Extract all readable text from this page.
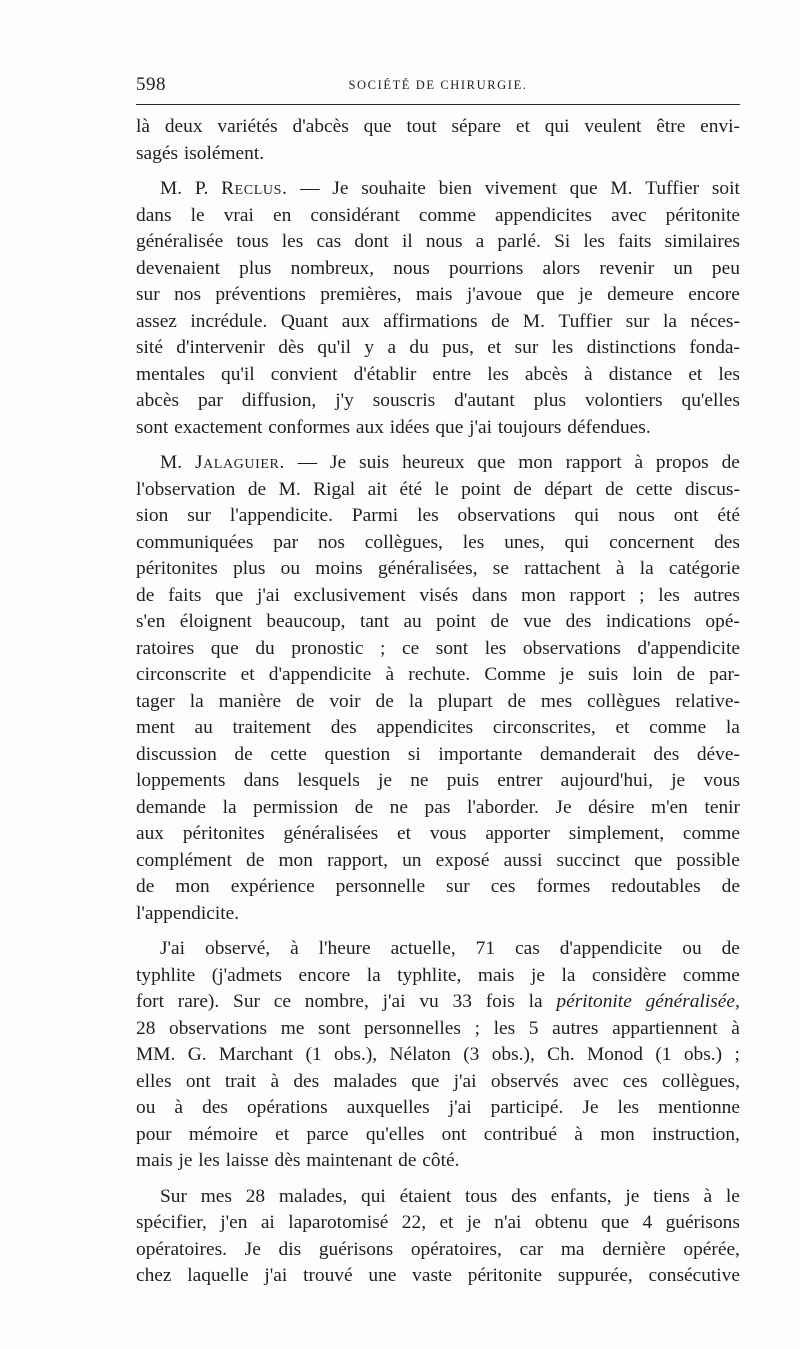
598	SOCIÉTÉ DE CHIRURGIE.
là deux variétés d'abcès que tout sépare et qui veulent être envi-
sagés isolément.
M. P. Reclus. — Je souhaite bien vivement que M. Tuffier soit
dans le vrai en considérant comme appendicites avec péritonite
généralisée tous les cas dont il nous a parlé. Si les faits similaires
devenaient plus nombreux, nous pourrions alors revenir un peu
sur nos préventions premières, mais j'avoue que je demeure encore
assez incrédule. Quant aux affirmations de M. Tuffier sur la néces-
sité d'intervenir dès qu'il y a du pus, et sur les distinctions fonda-
mentales qu'il convient d'établir entre les abcès à distance et les
abcès par diffusion, j'y souscris d'autant plus volontiers qu'elles
sont exactement conformes aux idées que j'ai toujours défendues.
M. Jalaguier. — Je suis heureux que mon rapport à propos de
l'observation de M. Rigal ait été le point de départ de cette discus-
sion sur l'appendicite. Parmi les observations qui nous ont été
communiquées par nos collègues, les unes, qui concernent des
péritonites plus ou moins généralisées, se rattachent à la catégorie
de faits que j'ai exclusivement visés dans mon rapport ; les autres
s'en éloignent beaucoup, tant au point de vue des indications opé-
ratoires que du pronostic ; ce sont les observations d'appendicite
circonscrite et d'appendicite à rechute. Comme je suis loin de par-
tager la manière de voir de la plupart de mes collègues relative-
ment au traitement des appendicites circonscrites, et comme la
discussion de cette question si importante demanderait des déve-
loppements dans lesquels je ne puis entrer aujourd'hui, je vous
demande la permission de ne pas l'aborder. Je désire m'en tenir
aux péritonites généralisées et vous apporter simplement, comme
complément de mon rapport, un exposé aussi succinct que possible
de mon expérience personnelle sur ces formes redoutables de
l'appendicite.
J'ai observé, à l'heure actuelle, 71 cas d'appendicite ou de
typhlite (j'admets encore la typhlite, mais je la considère comme
fort rare). Sur ce nombre, j'ai vu 33 fois la péritonite généralisée,
28 observations me sont personnelles ; les 5 autres appartiennent à
MM. G. Marchant (1 obs.), Nélaton (3 obs.), Ch. Monod (1 obs.) ;
elles ont trait à des malades que j'ai observés avec ces collègues,
ou à des opérations auxquelles j'ai participé. Je les mentionne
pour mémoire et parce qu'elles ont contribué à mon instruction,
mais je les laisse dès maintenant de côté.
Sur mes 28 malades, qui étaient tous des enfants, je tiens à le
spécifier, j'en ai laparotomisé 22, et je n'ai obtenu que 4 guérisons
opératoires. Je dis guérisons opératoires, car ma dernière opérée,
chez laquelle j'ai trouvé une vaste péritonite suppurée, consécutive
